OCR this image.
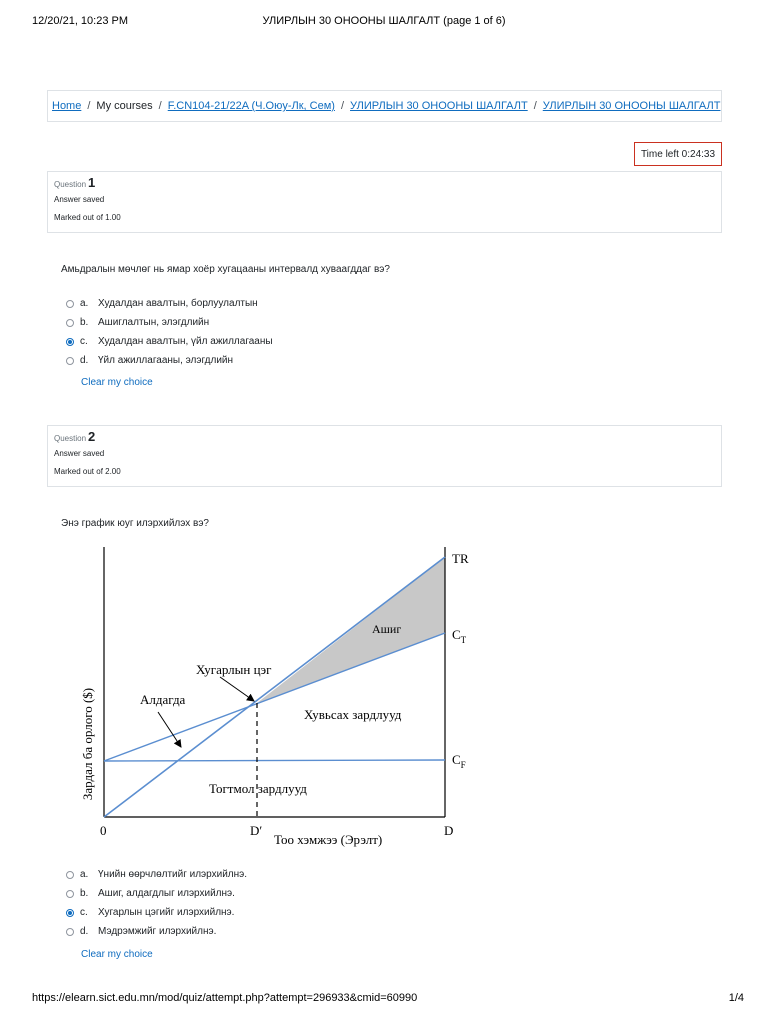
12/20/21, 10:23 PM	УЛИРЛЫН 30 ОНООНЫ ШАЛГАЛТ (page 1 of 6)
Home / My courses / F.CN104-21/22A (Ч.Оюу-Лк, Сем) / УЛИРЛЫН 30 ОНООНЫ ШАЛГАЛТ / УЛИРЛЫН 30 ОНООНЫ ШАЛГАЛТ
Time left 0:24:33
Question 1
Answer saved
Marked out of 1.00
Амьдралын мөчлөг нь ямар хоёр хугацааны интервалд хуваагддаг вэ?
a. Худалдан авалтын, борлуулалтын
b. Ашиглалтын, элэгдлийн
c.	Худалдан авалтын, үйл ажиллагааны
d. Үйл ажиллагааны, элэгдлийн
Clear my choice
Question 2
Answer saved
Marked out of 2.00
Энэ график юуг илэрхийлэх вэ?
Зардал ба орлого ($)
Тоо хэмжээ (Эрэлт)
0	D′	D
TR
$C_T$
$C_F$
Ашиг
Хугарлын цэг
Алдагда
Хувьсах зардлууд
Тогтмол зардлууд
a. Үнийн өөрчлөлтийг илэрхийлнэ.
b. Ашиг, алдагдлыг илэрхийлнэ.
c.	Хугарлын цэгийг илэрхийлнэ.
d. Мэдрэмжийг илэрхийлнэ.
Clear my choice
https://elearn.sict.edu.mn/mod/quiz/attempt.php?attempt=296933&cmid=60990	1/4
